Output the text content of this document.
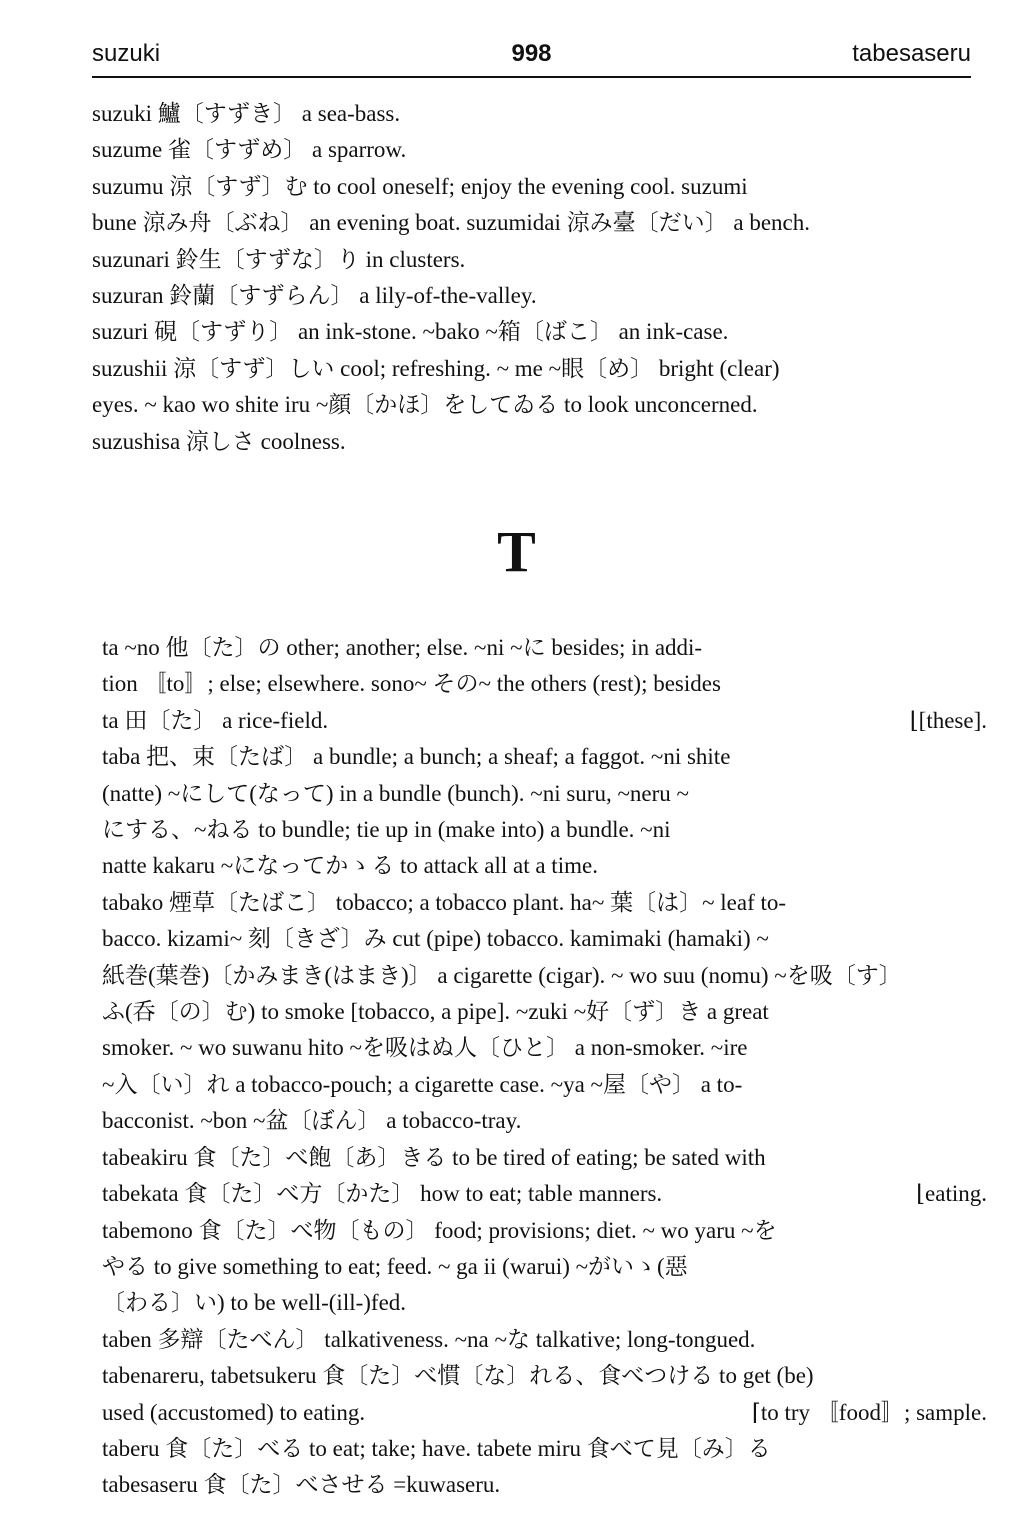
suzuki	998	tabesaseru

suzuki 鱸〔すずき〕 a sea-bass.

suzume 雀〔すずめ〕 a sparrow.

suzumu 涼〔すず〕む to cool oneself; enjoy the evening cool. suzumi
bune 涼み舟〔ぶね〕 an evening boat. suzumidai 涼み臺〔だい〕 a bench.

suzunari 鈴生〔すずな〕り in clusters.

suzuran 鈴蘭〔すずらん〕 a lily-of-the-valley.

suzuri 硯〔すずり〕 an ink-stone. ~bako ~箱〔ばこ〕 an ink-case.

suzushii 涼〔すず〕しい cool; refreshing. ~ me ~眼〔め〕 bright (clear)
eyes. ~ kao wo shite iru ~顔〔かほ〕をしてゐる to look unconcerned.
suzushisa 涼しさ coolness.

T

ta ~no 他〔た〕の other; another; else. ~ni ~に besides; in addi-
tion 〚to〛; else; elsewhere. sono~ その~ the others (rest); besides

⌊[these].
ta 田〔た〕 a rice-field.

taba 把、束〔たば〕 a bundle; a bunch; a sheaf; a faggot. ~ni shite
(natte) ~にして(なって) in a bundle (bunch). ~ni suru, ~neru ~
にする、~ねる to bundle; tie up in (make into) a bundle. ~ni
natte kakaru ~になってかゝる to attack all at a time.

tabako 煙草〔たばこ〕 tobacco; a tobacco plant. ha~ 葉〔は〕~ leaf to-
bacco. kizami~ 刻〔きざ〕み cut (pipe) tobacco. kamimaki (hamaki) ~
紙巻(葉巻)〔かみまき(はまき)〕 a cigarette (cigar). ~ wo suu (nomu) ~を吸〔す〕
ふ(呑〔の〕む) to smoke [tobacco, a pipe]. ~zuki ~好〔ず〕き a great
smoker. ~ wo suwanu hito ~を吸はぬ人〔ひと〕 a non-smoker. ~ire
~入〔い〕れ a tobacco-pouch; a cigarette case. ~ya ~屋〔や〕 a to-
bacconist. ~bon ~盆〔ぼん〕 a tobacco-tray.

tabeakiru 食〔た〕べ飽〔あ〕きる to be tired of eating; be sated with

⌊eating.
tabekata 食〔た〕べ方〔かた〕 how to eat; table manners.

tabemono 食〔た〕べ物〔もの〕 food; provisions; diet. ~ wo yaru ~を
やる to give something to eat; feed. ~ ga ii (warui) ~がいゝ(惡
〔わる〕い) to be well-(ill-)fed.

taben 多辯〔たべん〕 talkativeness. ~na ~な talkative; long-tongued.

tabenareru, tabetsukeru 食〔た〕べ慣〔な〕れる、食べつける to get (be)
⌈to try 〚food〛; sample.
used (accustomed) to eating.

taberu 食〔た〕べる to eat; take; have. tabete miru 食べて見〔み〕る

tabesaseru 食〔た〕べさせる =kuwaseru.
